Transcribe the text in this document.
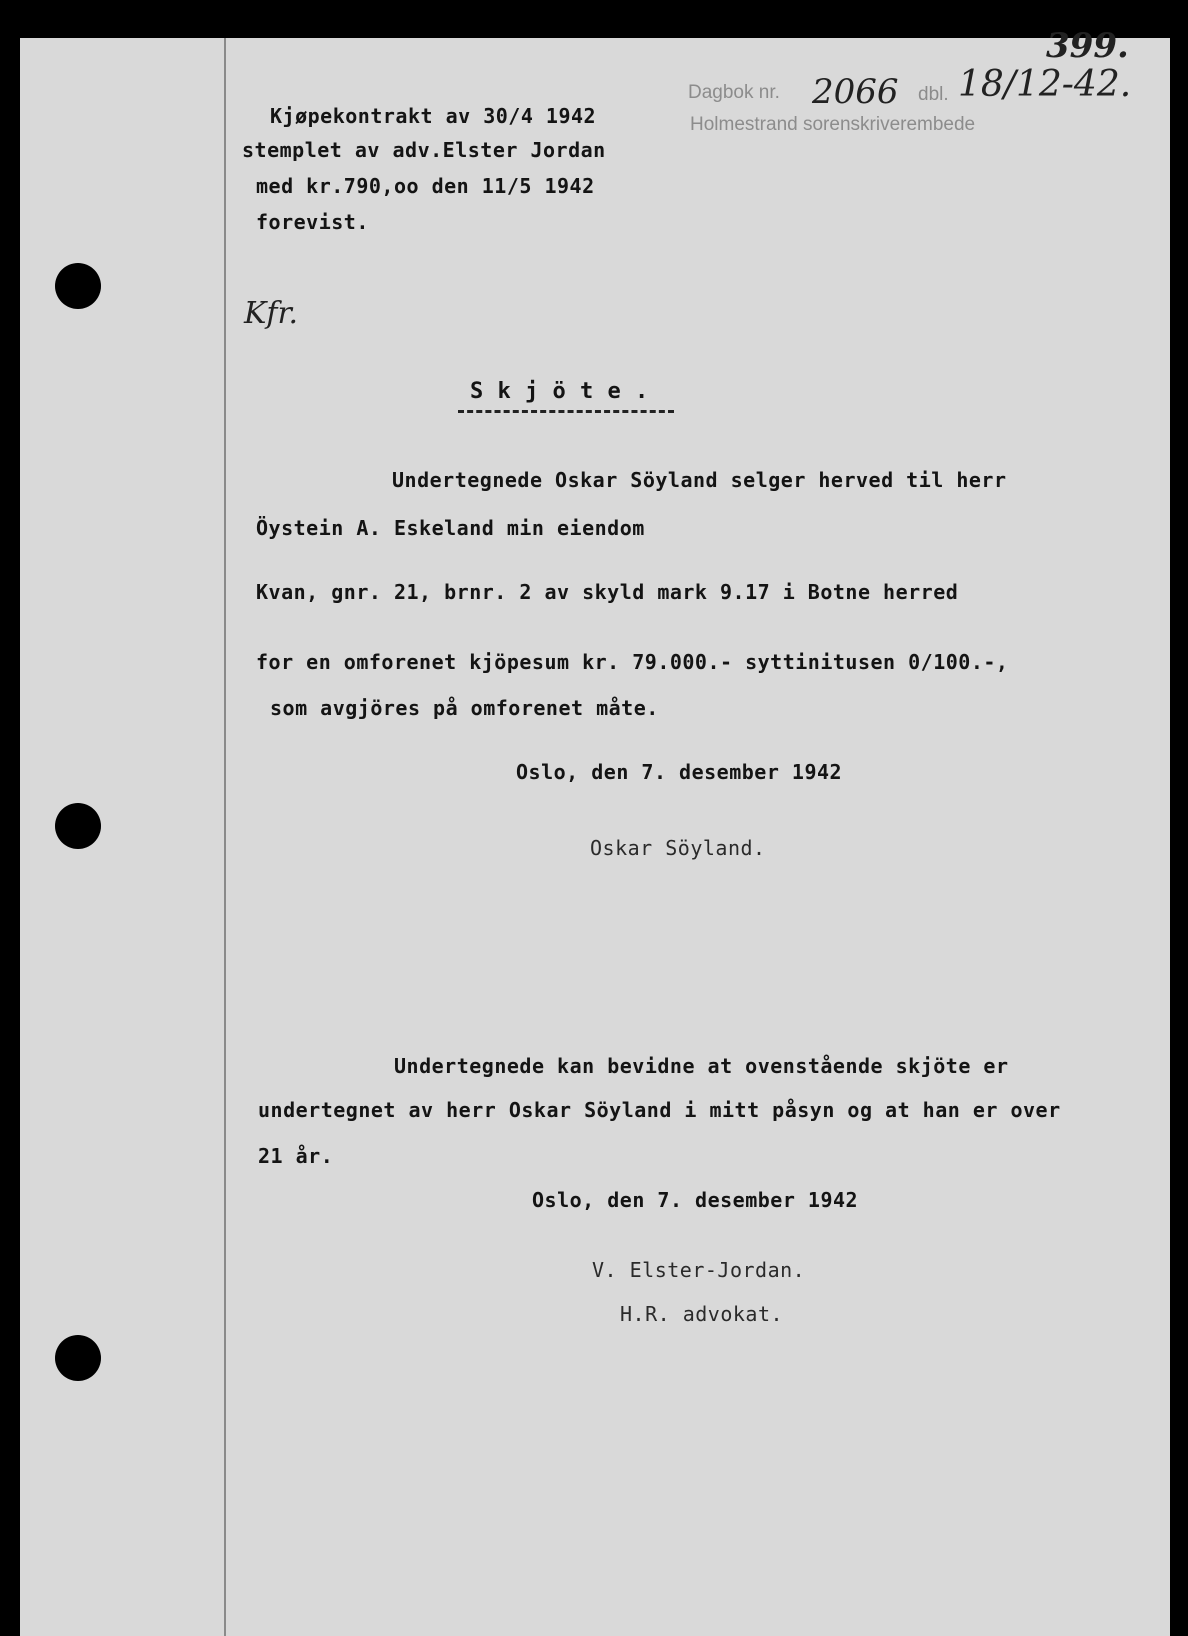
Dagbok nr. 2066 dbl. 18/12-42.
Holmestrand sorenskriverembede
399.
Kjøpekontrakt av 30/4 1942
stemplet av adv.Elster Jordan
med kr.790,oo den 11/5 1942
forevist.
Kfr.
S k j ö t e .
Undertegnede Oskar Söyland selger herved til herr
Öystein A. Eskeland min eiendom
Kvan, gnr. 21, brnr. 2 av skyld mark 9.17 i Botne herred
for en omforenet kjöpesum kr. 79.000.- syttinitusen 0/100.-,
som avgjöres på omforenet måte.
Oslo, den 7. desember 1942
Oskar Söyland.
Undertegnede kan bevidne at ovenstående skjöte er
undertegnet av herr Oskar Söyland i mitt påsyn og at han er over
21 år.
Oslo, den 7. desember 1942
V. Elster-Jordan.
H.R. advokat.
